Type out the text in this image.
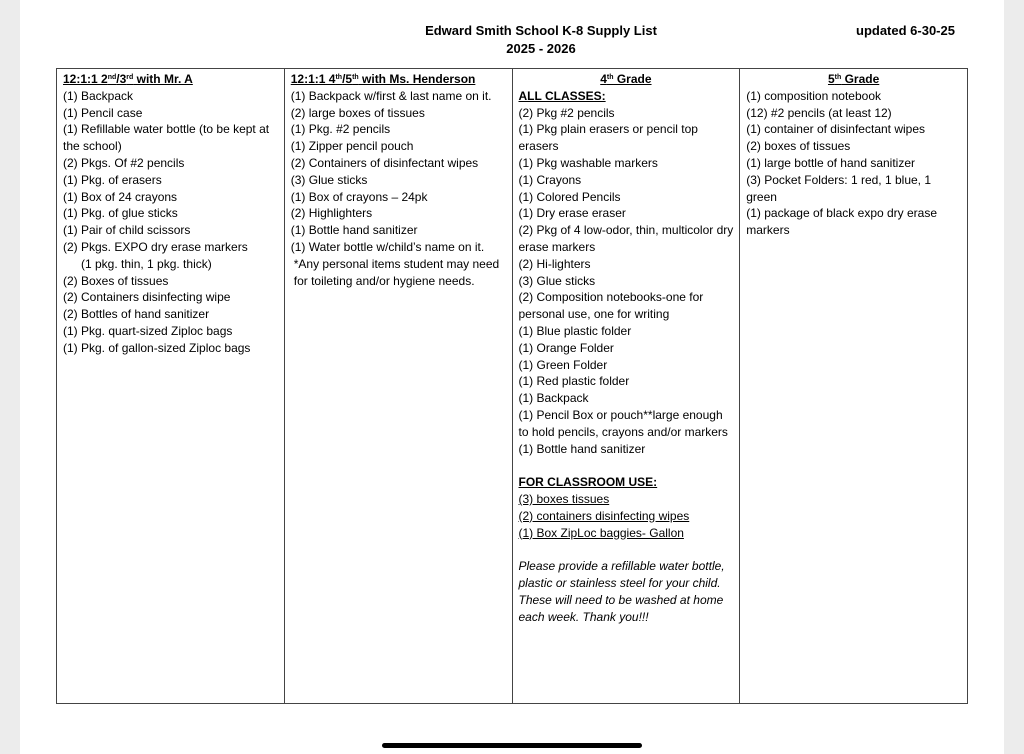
Edward Smith School K-8 Supply List
2025 - 2026
updated 6-30-25
12:1:1 2nd/3rd with Mr. A
(1) Backpack
(1) Pencil case
(1) Refillable water bottle (to be kept at the school)
(2) Pkgs. Of #2 pencils
(1) Pkg. of erasers
(1) Box of 24 crayons
(1) Pkg. of glue sticks
(1) Pair of child scissors
(2) Pkgs. EXPO dry erase markers
(1 pkg. thin, 1 pkg. thick)
(2) Boxes of tissues
(2) Containers disinfecting wipe
(2) Bottles of hand sanitizer
(1) Pkg. quart-sized Ziploc bags
(1) Pkg. of gallon-sized Ziploc bags

12:1:1 4th/5th with Ms. Henderson
(1) Backpack w/first & last name on it.
(2) large boxes of tissues
(1) Pkg. #2 pencils
(1) Zipper pencil pouch
(2) Containers of disinfectant wipes
(3) Glue sticks
(1) Box of crayons – 24pk
(2) Highlighters
(1) Bottle hand sanitizer
(1) Water bottle w/child’s name on it.
*Any personal items student may need for toileting and/or hygiene needs.

4th Grade
ALL CLASSES:
(2) Pkg #2 pencils
(1) Pkg plain erasers or pencil top erasers
(1) Pkg washable markers
(1) Crayons
(1) Colored Pencils
(1) Dry erase eraser
(2) Pkg of 4 low-odor, thin, multicolor dry erase markers
(2) Hi-lighters
(3) Glue sticks
(2) Composition notebooks-one for personal use, one for writing
(1) Blue plastic folder
(1) Orange Folder
(1) Green Folder
(1) Red plastic folder
(1) Backpack
(1) Pencil Box or pouch**large enough to hold pencils, crayons and/or markers
(1) Bottle hand sanitizer
FOR CLASSROOM USE:
(3) boxes tissues
(2) containers disinfecting wipes
(1) Box ZipLoc baggies- Gallon
Please provide a refillable water bottle, plastic or stainless steel for your child. These will need to be washed at home each week. Thank you!!!

5th Grade
(1) composition notebook
(12) #2 pencils (at least 12)
(1) container of disinfectant wipes
(2) boxes of tissues
(1) large bottle of hand sanitizer
(3) Pocket Folders: 1 red, 1 blue, 1 green
(1) package of black expo dry erase markers
